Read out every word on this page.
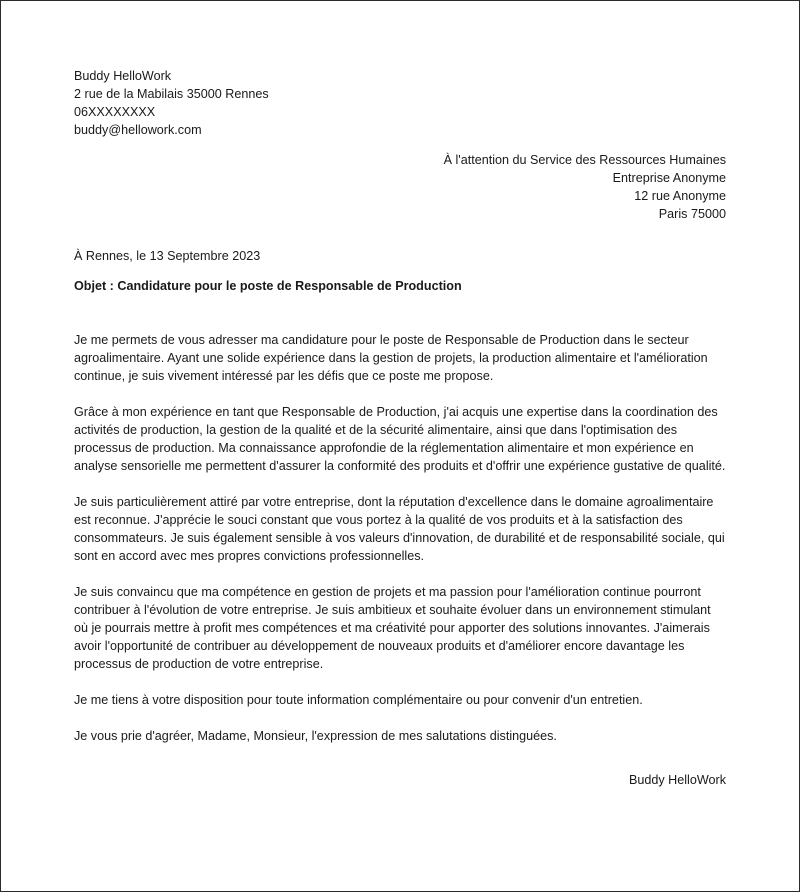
Buddy HelloWork
2 rue de la Mabilais 35000 Rennes
06XXXXXXXX
buddy@hellowork.com
À l'attention du Service des Ressources Humaines
Entreprise Anonyme
12 rue Anonyme
Paris 75000
À Rennes, le 13 Septembre 2023
Objet : Candidature pour le poste de Responsable de Production

Je me permets de vous adresser ma candidature pour le poste de Responsable de Production dans le secteur agroalimentaire. Ayant une solide expérience dans la gestion de projets, la production alimentaire et l'amélioration continue, je suis vivement intéressé par les défis que ce poste me propose.

Grâce à mon expérience en tant que Responsable de Production, j'ai acquis une expertise dans la coordination des activités de production, la gestion de la qualité et de la sécurité alimentaire, ainsi que dans l'optimisation des processus de production. Ma connaissance approfondie de la réglementation alimentaire et mon expérience en analyse sensorielle me permettent d'assurer la conformité des produits et d'offrir une expérience gustative de qualité.

Je suis particulièrement attiré par votre entreprise, dont la réputation d'excellence dans le domaine agroalimentaire est reconnue. J'apprécie le souci constant que vous portez à la qualité de vos produits et à la satisfaction des consommateurs. Je suis également sensible à vos valeurs d'innovation, de durabilité et de responsabilité sociale, qui sont en accord avec mes propres convictions professionnelles.

Je suis convaincu que ma compétence en gestion de projets et ma passion pour l'amélioration continue pourront contribuer à l'évolution de votre entreprise. Je suis ambitieux et souhaite évoluer dans un environnement stimulant où je pourrais mettre à profit mes compétences et ma créativité pour apporter des solutions innovantes. J'aimerais avoir l'opportunité de contribuer au développement de nouveaux produits et d'améliorer encore davantage les processus de production de votre entreprise.

Je me tiens à votre disposition pour toute information complémentaire ou pour convenir d'un entretien.

Je vous prie d'agréer, Madame, Monsieur, l'expression de mes salutations distinguées.

Buddy HelloWork
